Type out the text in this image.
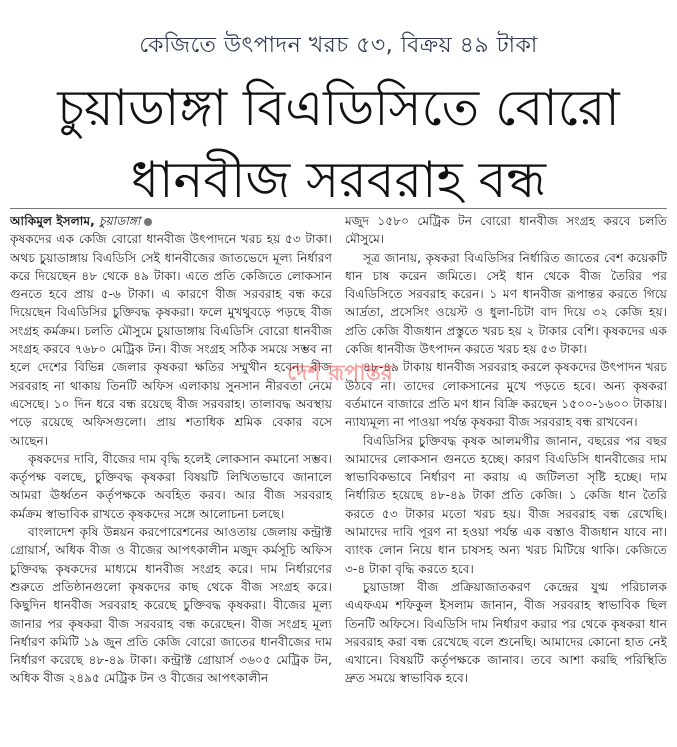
কেজিতে উৎপাদন খরচ ৫৩, বিক্রয় ৪৯ টাকা
চুয়াডাঙ্গা বিএডিসিতে বোরো
ধানবীজ সরবরাহ বন্ধ

আকিমুল ইসলাম, চুয়াডাঙ্গা
কৃষকদের এক কেজি বোরো ধানবীজ উৎপাদনে খরচ হয় ৫৩ টাকা। অথচ চুয়াডাঙ্গায় বিএডিসি সেই ধানবীজের জাতভেদে মূল্য নির্ধারণ করে দিয়েছেন ৪৮ থেকে ৪৯ টাকা। এতে প্রতি কেজিতে লোকসান গুনতে হবে প্রায় ৫-৬ টাকা। এ কারণে বীজ সরবরাহ বন্ধ করে দিয়েছেন বিএডিসির চুক্তিবদ্ধ কৃষকরা। ফলে মুখথুবড়ে পড়ছে বীজ সংগ্রহ কর্মক্রম। চলতি মৌসুমে চুয়াডাঙ্গায় বিএডিসি বোরো ধানবীজ সংগ্রহ করবে ৭৬৮০ মেট্রিক টন। বীজ সংগ্রহ সঠিক সময়ে সম্ভব না হলে দেশের বিভিন্ন জেলার কৃষকরা ক্ষতির সম্মুখীন হবেন। বীজ সরবরাহ না থাকায় তিনটি অফিস এলাকায় সুনসান নীরবতা নেমে এসেছে। ১০ দিন ধরে বন্ধ রয়েছে বীজ সরবরাহ। তালাবদ্ধ অবস্থায় পড়ে রয়েছে অফিসগুলো। প্রায় শতাধিক শ্রমিক বেকার বসে আছেন।

কৃষকদের দাবি, বীজের দাম বৃদ্ধি হলেই লোকসান কমানো সম্ভব। কর্তৃপক্ষ বলছে, চুক্তিবদ্ধ কৃষকরা বিষয়টি লিখিতভাবে জানালে আমরা ঊর্ধ্বতন কর্তৃপক্ষকে অবহিত করব। আর বীজ সরবরাহ কর্মক্রম স্বাভাবিক রাখতে কৃষকদের সঙ্গে আলোচনা চলছে।

বাংলাদেশ কৃষি উন্নয়ন করপোরেশনের আওতায় জেলায় কন্ট্রাক্ট গ্রোয়ার্স, অধিক বীজ ও বীজের আপৎকালীন মজুদ কর্মসূচি অফিস চুক্তিবদ্ধ কৃষকদের মাধ্যমে ধানবীজ সংগ্রহ করে। দাম নির্ধারণের শুরুতে প্রতিষ্ঠানগুলো কৃষকদের কাছ থেকে বীজ সংগ্রহ করে। কিছুদিন ধানবীজ সরবরাহ করেছে চুক্তিবদ্ধ কৃষকরা। বীজের মূল্য জানার পর কৃষকরা বীজ সরবরাহ বন্ধ করেছেন। বীজ সংগ্রহ মূল্য নির্ধারণ কমিটি ১৯ জুন প্রতি কেজি বোরো জাতের ধানবীজের দাম নির্ধারণ করেছে ৪৮-৪৯ টাকা। কন্ট্রাক্ট গ্রোয়ার্স ৩৬০৫ মেট্রিক টন, অধিক বীজ ২৪৯৫ মেট্রিক টন ও বীজের আপৎকালীন

মজুদ ১৫৮০ মেট্রিক টন বোরো ধানবীজ সংগ্রহ করবে চলতি মৌসুমে।

সূত্র জানায়, কৃষকরা বিএডিসির নির্ধারিত জাতের বেশ কয়েকটি ধান চাষ করেন জমিতে। সেই ধান থেকে বীজ তৈরির পর বিএডিসিতে সরবরাহ করেন। ১ মণ ধানবীজ রূপান্তর করতে গিয়ে আর্দ্রতা, প্রসেসিং ওয়েস্ট ও ধুলা-চিটা বাদ দিয়ে ৩২ কেজি হয়। প্রতি কেজি বীজধান প্রস্তুতে খরচ হয় ২ টাকার বেশি। কৃষকদের এক কেজি ধানবীজ উৎপাদন করতে খরচ হয় ৫৩ টাকা।

৪৮-৪৯ টাকায় ধানবীজ সরবরাহ করলে কৃষকদের উৎপাদন খরচ উঠবে না। তাদের লোকসানের মুখে পড়তে হবে। অন্য কৃষকরা বর্তমানে বাজারে প্রতি মণ ধান বিক্রি করছেন ১৫০০-১৬০০ টাকায়। ন্যায্যমূল্য না পাওয়া পর্যন্ত কৃষকরা বীজ সরবরাহ বন্ধ রাখবেন।

বিএডিসির চুক্তিবদ্ধ কৃষক আলমগীর জানান, বছরের পর বছর আমাদের লোকসান গুনতে হচ্ছে। কারণ বিএডিসি ধানবীজের দাম স্বাভাবিকভাবে নির্ধারণ না করায় এ জটিলতা সৃষ্টি হচ্ছে। দাম নির্ধারিত হয়েছে ৪৮-৪৯ টাকা প্রতি কেজি। ১ কেজি ধান তৈরি করতে ৫৩ টাকার মতো খরচ হয়। বীজ সরবরাহ বন্ধ রেখেছি। আমাদের দাবি পূরণ না হওয়া পর্যন্ত এক বস্তাও বীজধান যাবে না। ব্যাংক লোন নিয়ে ধান চাষসহ অন্য খরচ মিটিয়ে থাকি। কেজিতে ৩-৪ টাকা বৃদ্ধি করতে হবে।

চুয়াডাঙ্গা বীজ প্রক্রিয়াজাতকরণ কেন্দ্রের যুগ্ম পরিচালক এএফএম শফিকুল ইসলাম জানান, বীজ সরবরাহ স্বাভাবিক ছিল তিনটি অফিসে। বিএডিসি দাম নির্ধারণ করার পর থেকে কৃষকরা ধান সরবরাহ করা বন্ধ রেখেছে বলে শুনেছি। আমাদের কোনো হাত নেই এখানে। বিষয়টি কর্তৃপক্ষকে জানাব। তবে আশা করছি পরিস্থিতি দ্রুত সময়ে স্বাভাবিক হবে।

দেশ রূপান্তর
